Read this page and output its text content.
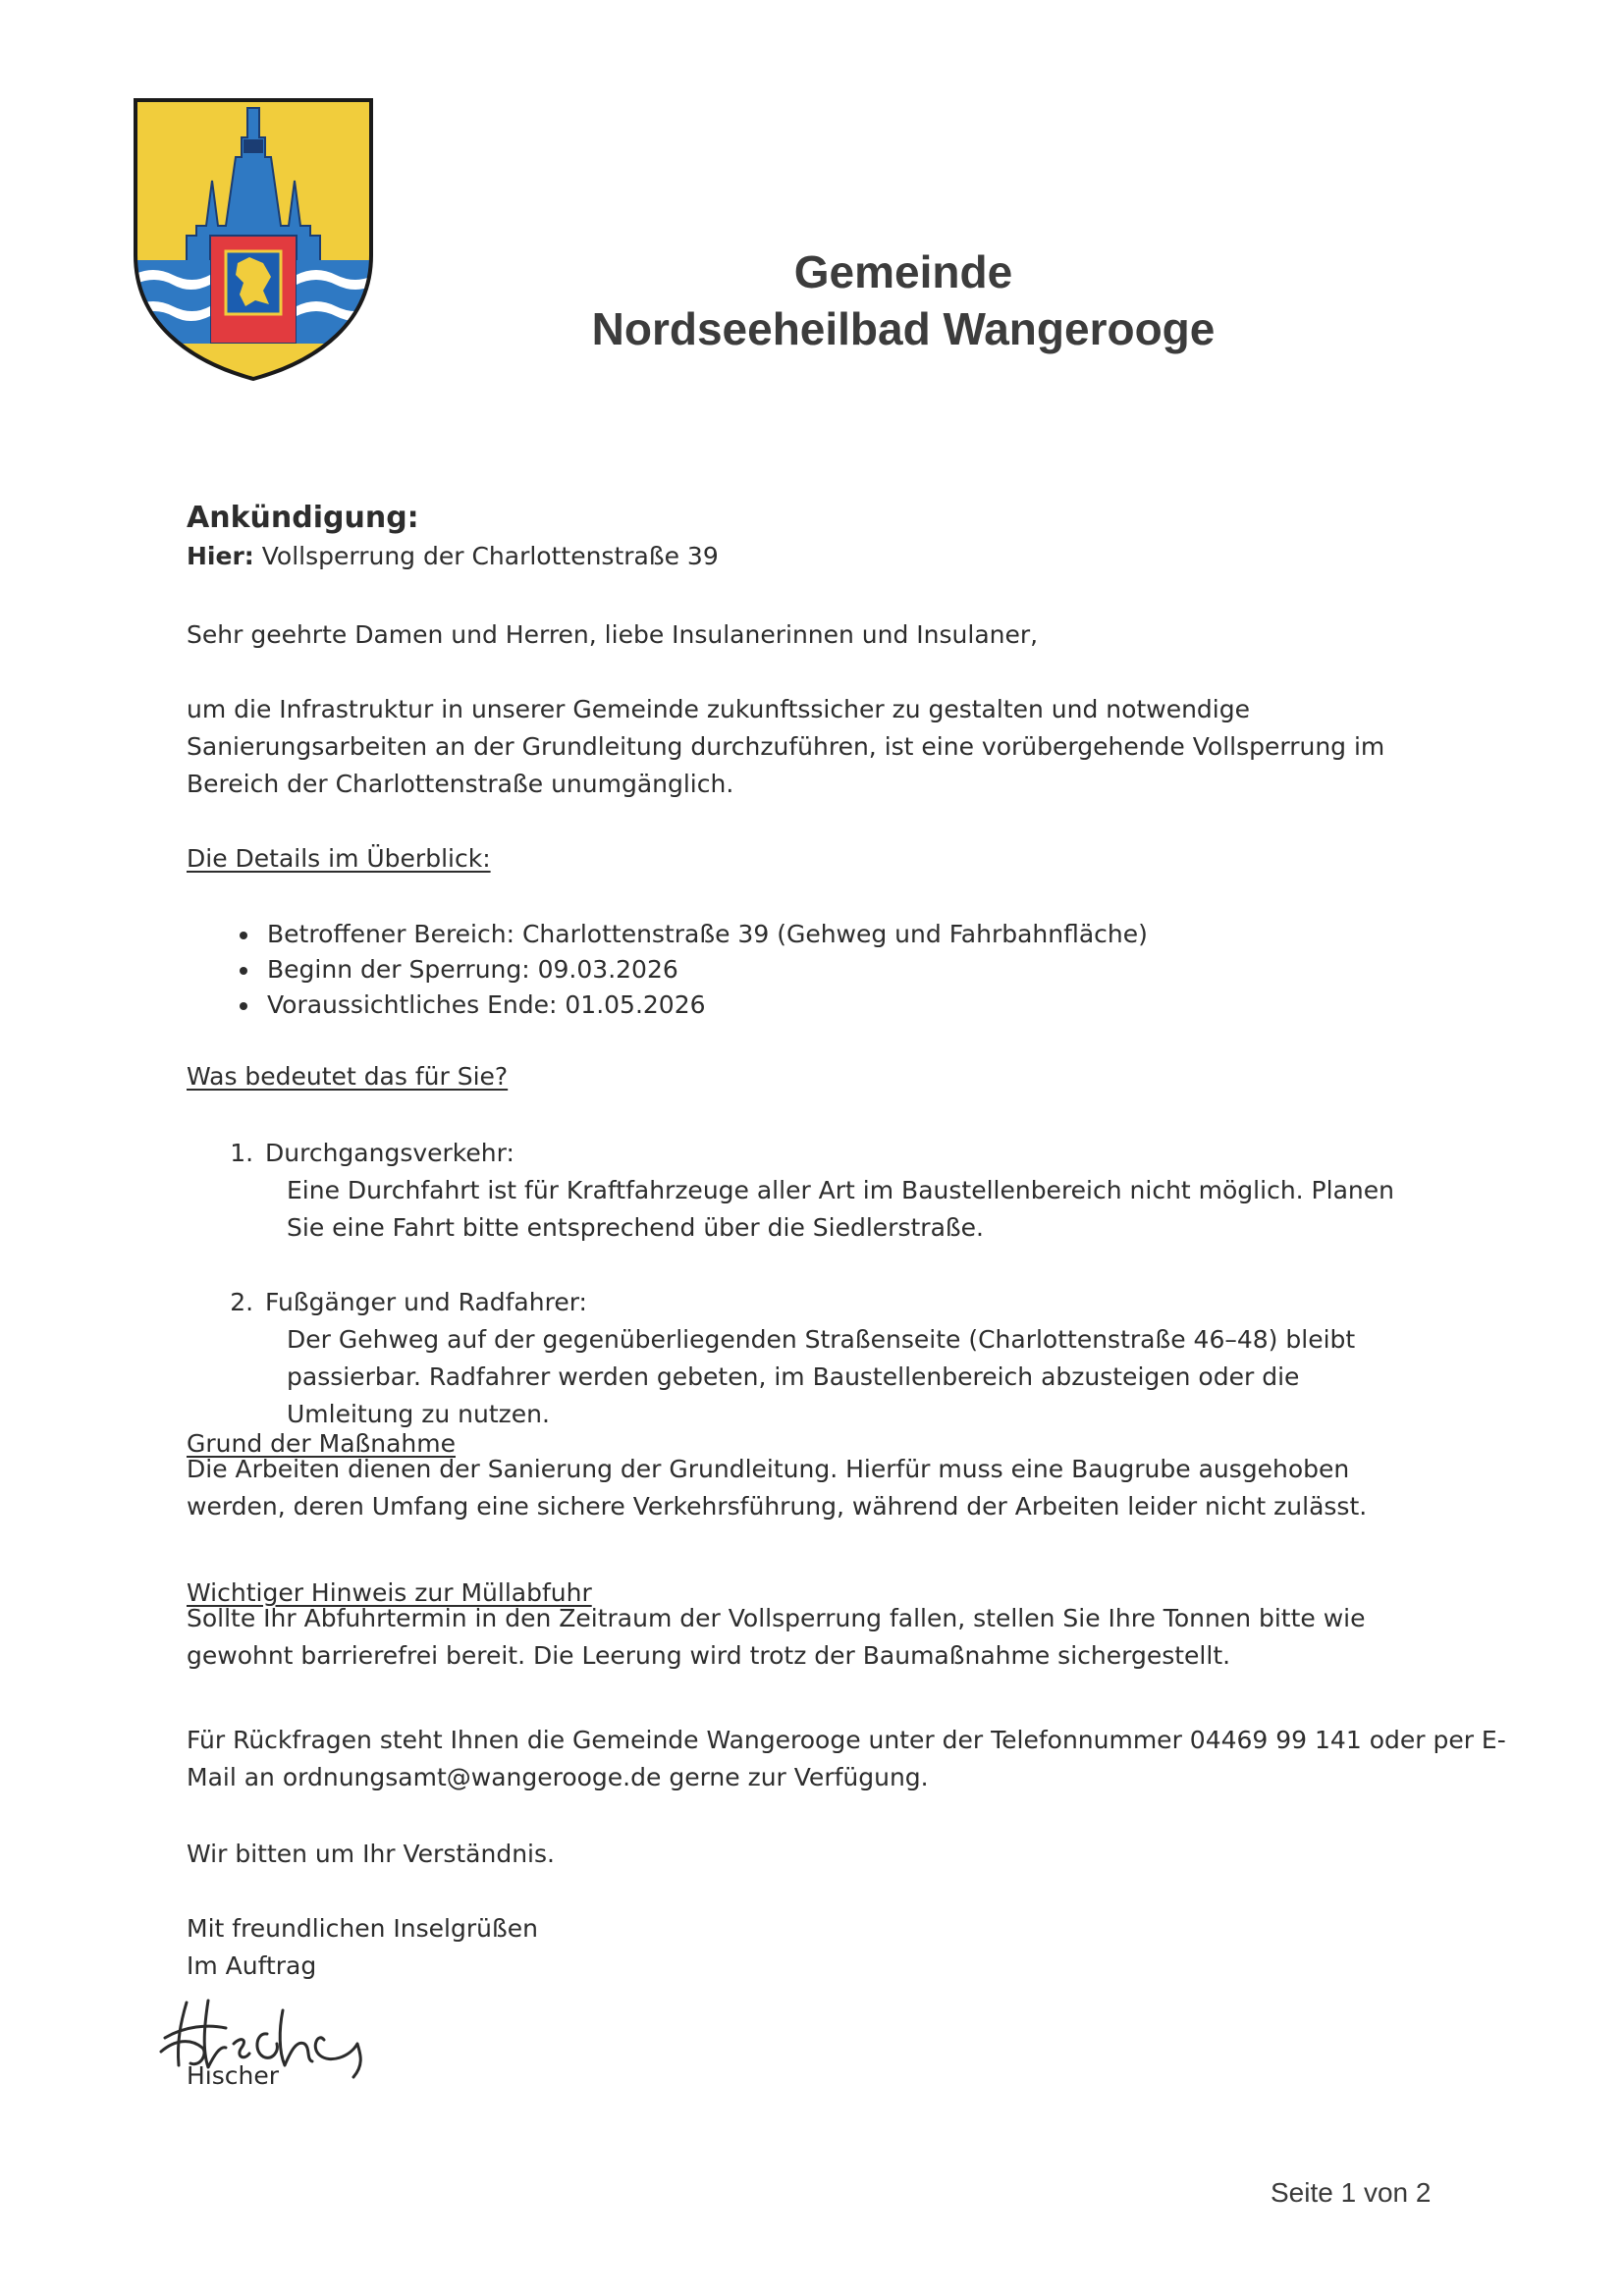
Gemeinde
Nordseeheilbad Wangerooge
Ankündigung:
Hier: Vollsperrung der Charlottenstraße 39
Sehr geehrte Damen und Herren, liebe Insulanerinnen und Insulaner,
um die Infrastruktur in unserer Gemeinde zukunftssicher zu gestalten und notwendige Sanierungsarbeiten an der Grundleitung durchzuführen, ist eine vorübergehende Vollsperrung im Bereich der Charlottenstraße unumgänglich.
Die Details im Überblick:
• Betroffener Bereich: Charlottenstraße 39 (Gehweg und Fahrbahnfläche)
• Beginn der Sperrung: 09.03.2026
• Voraussichtliches Ende: 01.05.2026
Was bedeutet das für Sie?
1. Durchgangsverkehr:
Eine Durchfahrt ist für Kraftfahrzeuge aller Art im Baustellenbereich nicht möglich. Planen Sie eine Fahrt bitte entsprechend über die Siedlerstraße.
2. Fußgänger und Radfahrer:
Der Gehweg auf der gegenüberliegenden Straßenseite (Charlottenstraße 46–48) bleibt passierbar. Radfahrer werden gebeten, im Baustellenbereich abzusteigen oder die Umleitung zu nutzen.
Grund der Maßnahme
Die Arbeiten dienen der Sanierung der Grundleitung. Hierfür muss eine Baugrube ausgehoben werden, deren Umfang eine sichere Verkehrsführung, während der Arbeiten leider nicht zulässt.
Wichtiger Hinweis zur Müllabfuhr
Sollte Ihr Abfuhrtermin in den Zeitraum der Vollsperrung fallen, stellen Sie Ihre Tonnen bitte wie gewohnt barrierefrei bereit. Die Leerung wird trotz der Baumaßnahme sichergestellt.
Für Rückfragen steht Ihnen die Gemeinde Wangerooge unter der Telefonnummer 04469 99 141 oder per E-
Mail an ordnungsamt@wangerooge.de gerne zur Verfügung.
Wir bitten um Ihr Verständnis.
Mit freundlichen Inselgrüßen
Im Auftrag
Hischer
Seite 1 von 2
